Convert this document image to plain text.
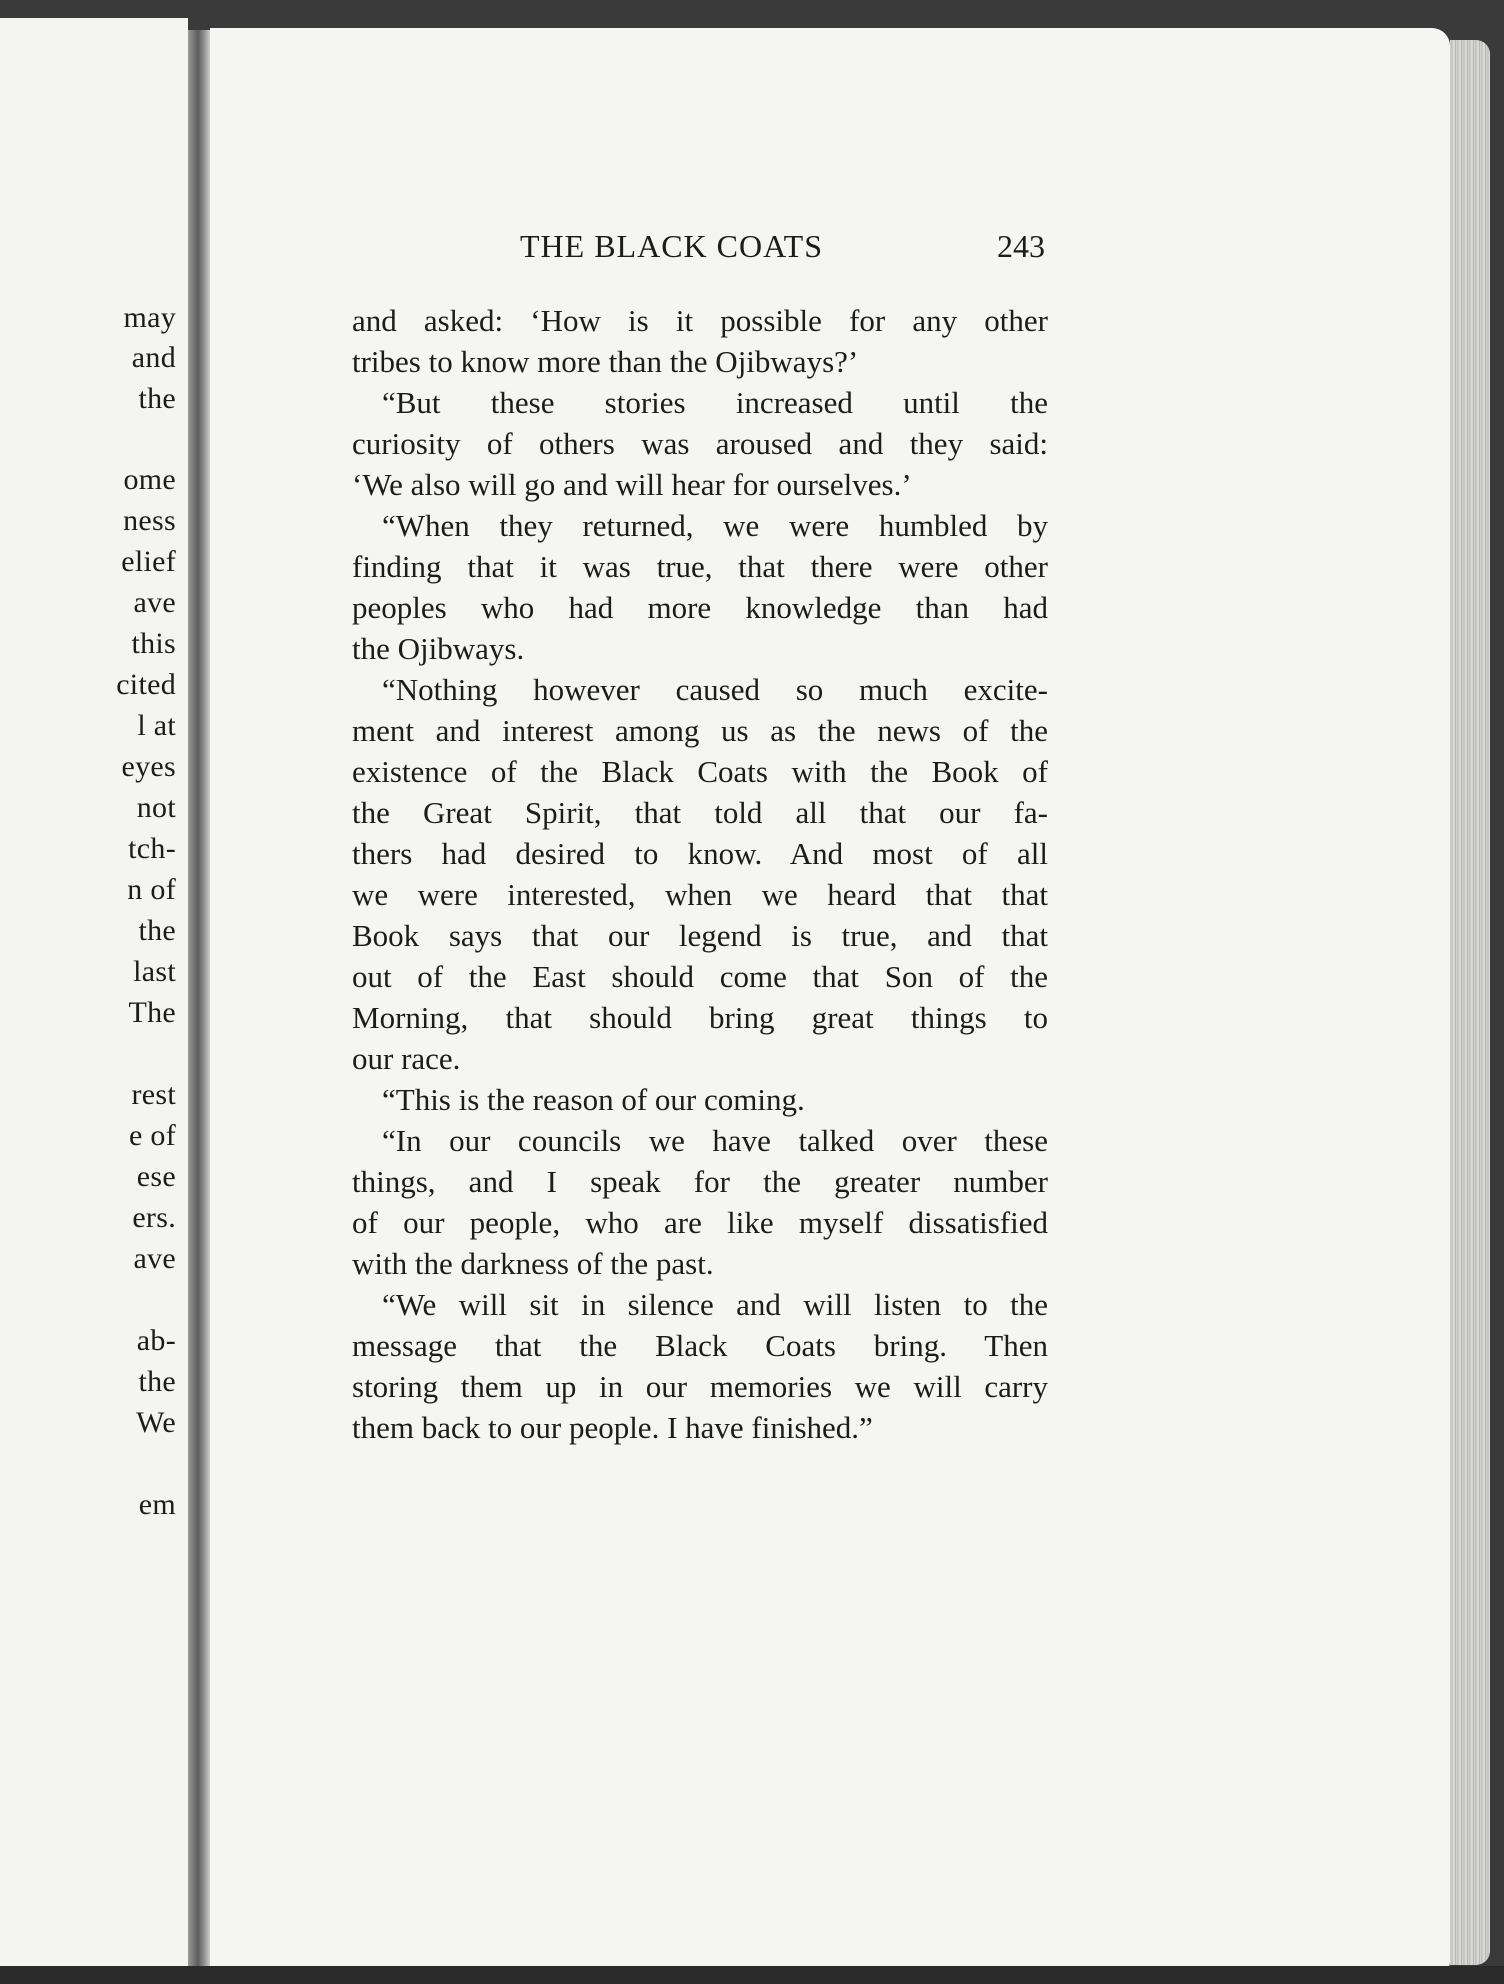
may
and
the
ome
ness
elief
ave
this
cited
l at
eyes
not
tch-
n of
the
last
The
rest
e of
ese
ers.
ave
ab-
the
We
em
THE BLACK COATS	243
and asked: ‘How is it possible for any other
tribes to know more than the Ojibways?’
“But these stories increased until the
curiosity of others was aroused and they said:
‘We also will go and will hear for ourselves.’
“When they returned, we were humbled by
finding that it was true, that there were other
peoples who had more knowledge than had
the Ojibways.
“Nothing however caused so much excite-
ment and interest among us as the news of the
existence of the Black Coats with the Book of
the Great Spirit, that told all that our fa-
thers had desired to know. And most of all
we were interested, when we heard that that
Book says that our legend is true, and that
out of the East should come that Son of the
Morning, that should bring great things to
our race.
“This is the reason of our coming.
“In our councils we have talked over these
things, and I speak for the greater number
of our people, who are like myself dissatisfied
with the darkness of the past.
“We will sit in silence and will listen to the
message that the Black Coats bring. Then
storing them up in our memories we will carry
them back to our people. I have finished.”
